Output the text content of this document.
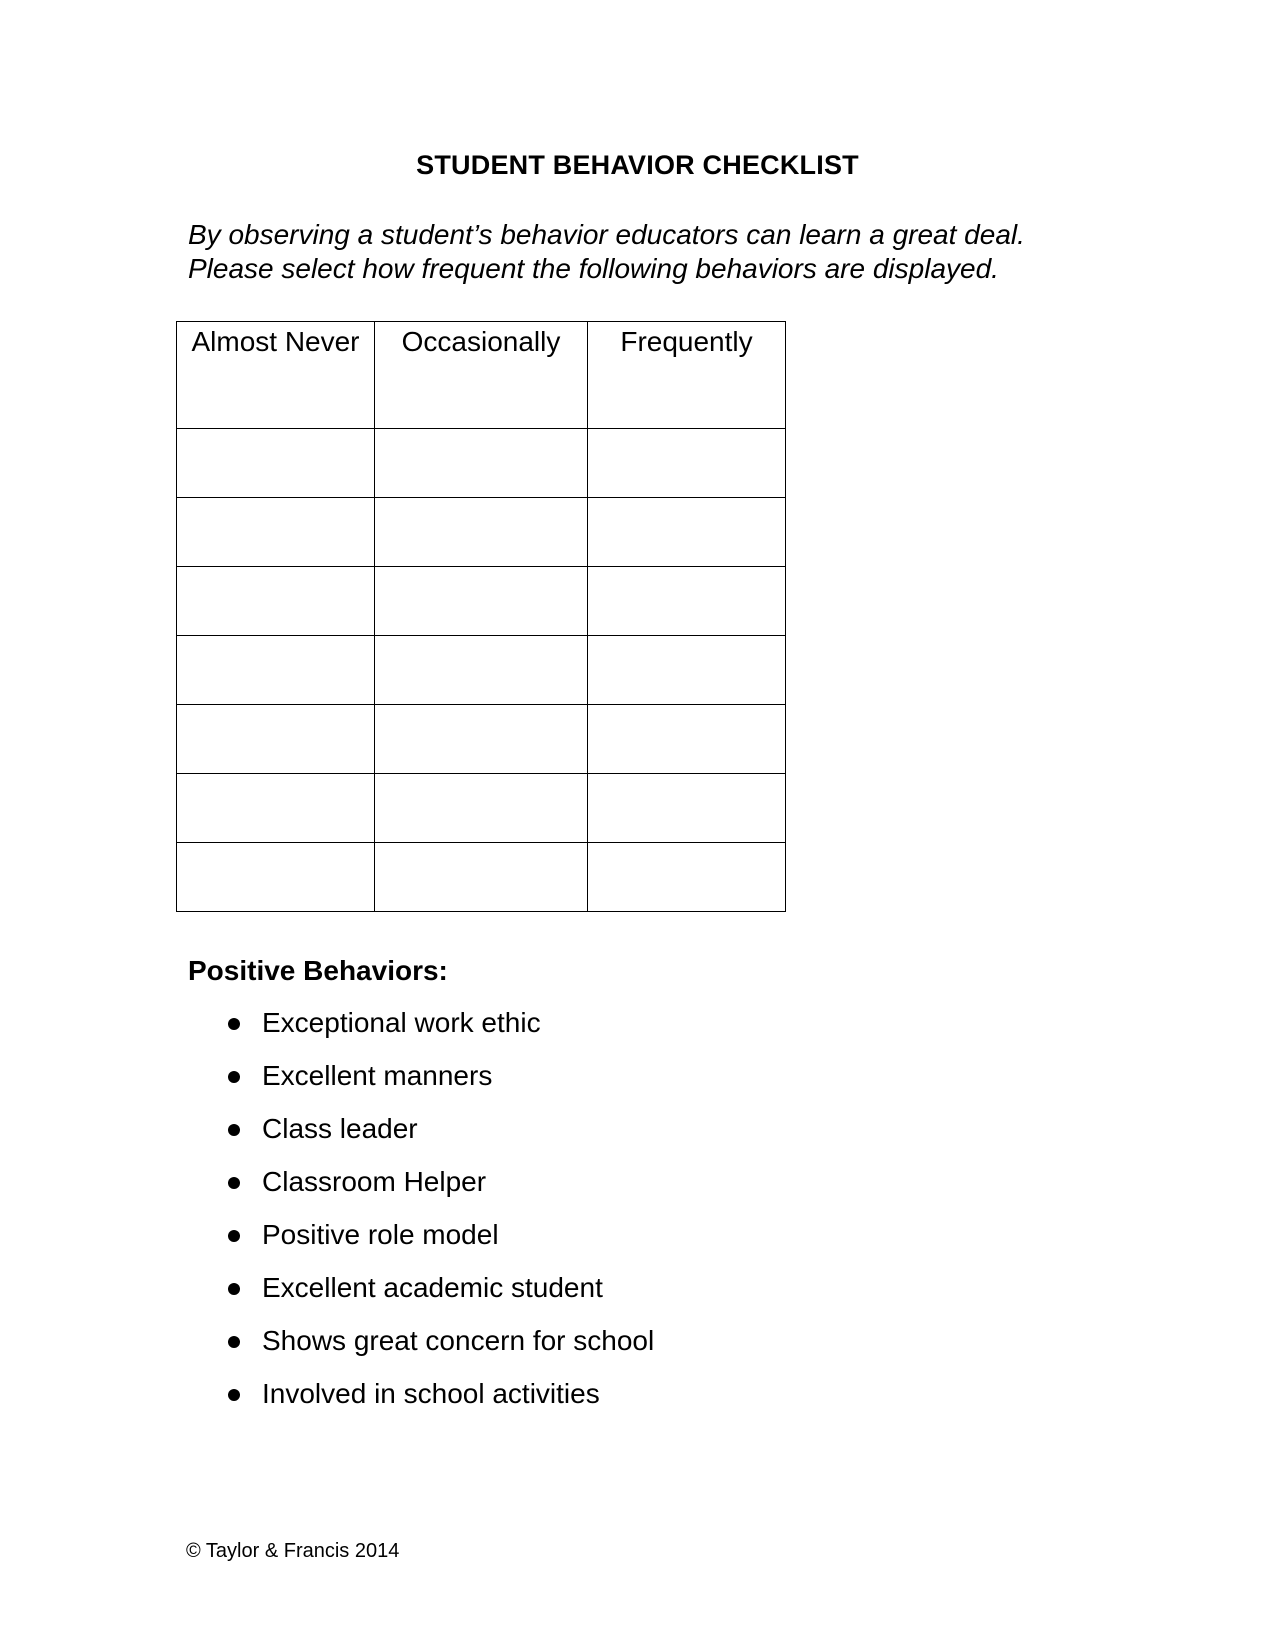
STUDENT BEHAVIOR CHECKLIST
By observing a student’s behavior educators can learn a great deal.
Please select how frequent the following behaviors are displayed.
Almost Never	Occasionally	Frequently

Positive Behaviors:
Exceptional work ethic
Excellent manners
Class leader
Classroom Helper
Positive role model
Excellent academic student
Shows great concern for school
Involved in school activities
© Taylor & Francis 2014
